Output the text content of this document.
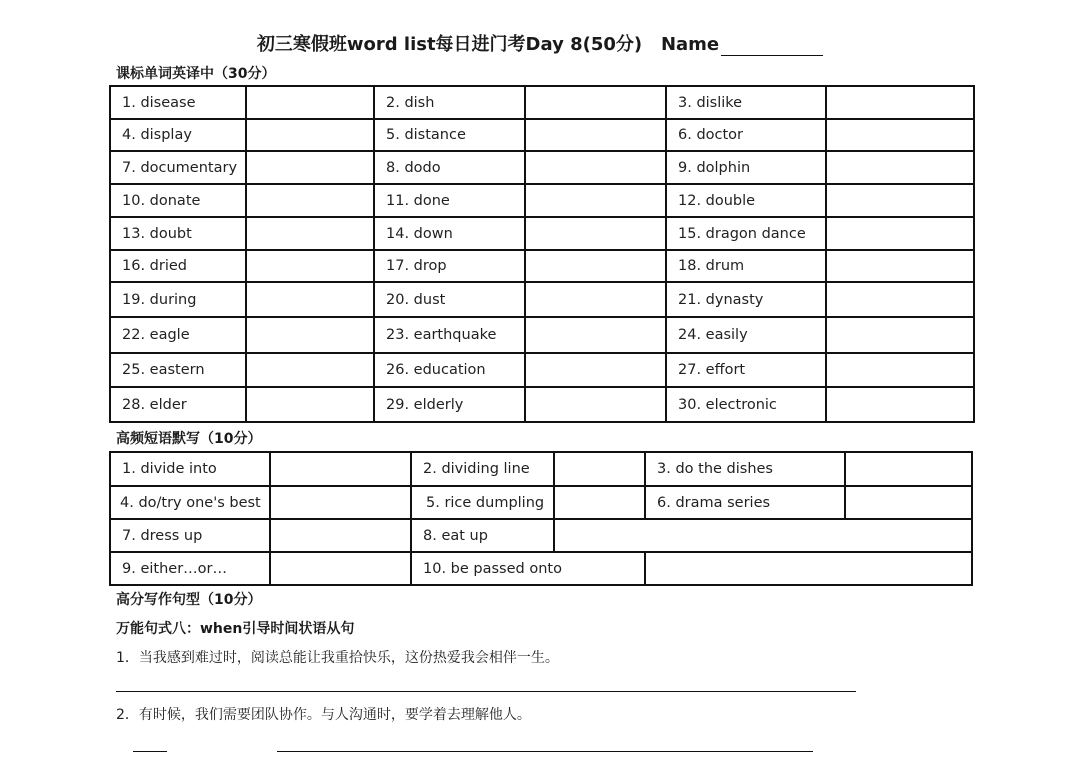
初三寒假班word list每日进门考Day 8(50分) Name
课标单词英译中（30分）
1. disease		2. dish		3. dislike	
4. display		5. distance		6. doctor	
7. documentary		8. dodo		9. dolphin	
10. donate		11. done		12. double	
13. doubt		14. down		15. dragon dance	
16. dried		17. drop		18. drum	
19. during		20. dust		21. dynasty	
22. eagle		23. earthquake		24. easily	
25. eastern		26. education		27. effort	
28. elder		29. elderly		30. electronic	
高频短语默写（10分）
1. divide into		2. dividing line		3. do the dishes	
4. do/try one's best		5. rice dumpling		6. drama series	
7. dress up		8. eat up			
9. either…or…		10. be passed onto			
高分写作句型（10分）
万能句式八：when引导时间状语从句
1．当我感到难过时，阅读总能让我重拾快乐，这份热爱我会相伴一生。
2．有时候，我们需要团队协作。与人沟通时，要学着去理解他人。
